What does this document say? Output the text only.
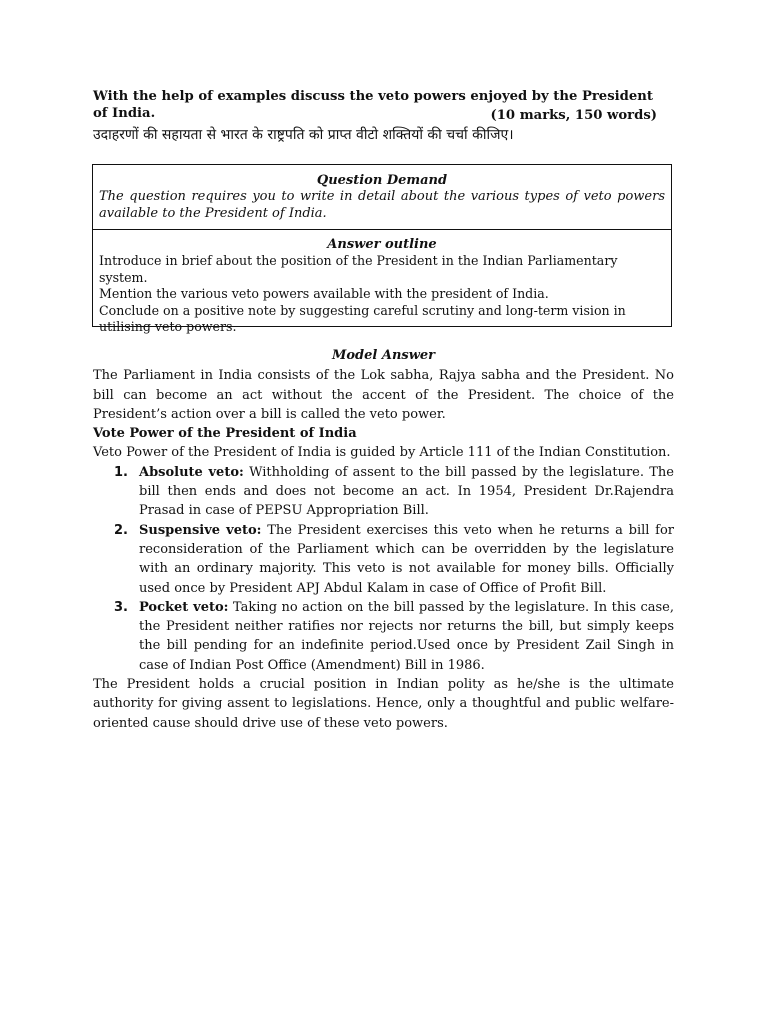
With the help of examples discuss the veto powers enjoyed by the President of India.	(10 marks, 150 words)
उदाहरणों की सहायता से भारत के राष्ट्रपति को प्राप्त वीटो शक्तियों की चर्चा कीजिए।
Question Demand
The question requires you to write in detail about the various types of veto powers available to the President of India.
Answer outline

Introduce in brief about the position of the President in the Indian Parliamentary system.

Mention the various veto powers available with the president of India.

Conclude on a positive note by suggesting careful scrutiny and long-term vision in utilising veto powers.

Model Answer

The Parliament in India consists of the Lok sabha, Rajya sabha and the President. No bill can become an act without the accent of the President. The choice of the President’s action over a bill is called the veto power.

Vote Power of the President of India

Veto Power of the President of India is guided by Article 111 of the Indian Constitution.

1. Absolute veto: Withholding of assent to the bill passed by the legislature. The bill then ends and does not become an act. In 1954, President Dr.Rajendra Prasad in case of PEPSU Appropriation Bill.
2. Suspensive veto: The President exercises this veto when he returns a bill for reconsideration of the Parliament which can be overridden by the legislature with an ordinary majority. This veto is not available for money bills. Officially used once by President APJ Abdul Kalam in case of Office of Profit Bill.
3. Pocket veto: Taking no action on the bill passed by the legislature. In this case, the President neither ratifies nor rejects nor returns the bill, but simply keeps the bill pending for an indefinite period.Used once by President Zail Singh in case of Indian Post Office (Amendment) Bill in 1986.

The President holds a crucial position in Indian polity as he/she is the ultimate authority for giving assent to legislations. Hence, only a thoughtful and public welfare-oriented cause should drive use of these veto powers.
